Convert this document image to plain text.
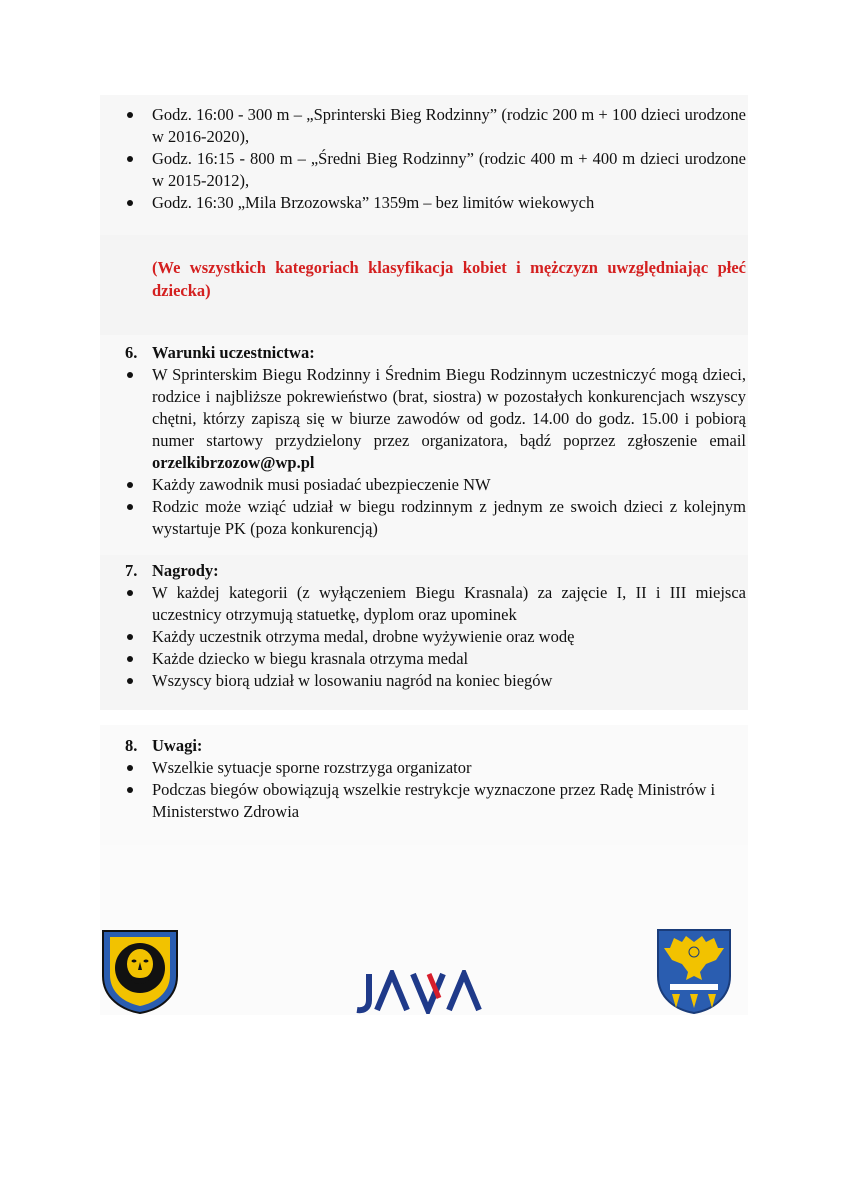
Godz. 16:00 - 300 m – „Sprinterski Bieg Rodzinny” (rodzic 200 m + 100 dzieci urodzone w 2016-2020),
Godz. 16:15 - 800 m – „Średni Bieg Rodzinny” (rodzic 400 m + 400 m dzieci urodzone w 2015-2012),
Godz. 16:30 „Mila Brzozowska” 1359m – bez limitów wiekowych
(We wszystkich kategoriach klasyfikacja kobiet i mężczyzn uwzględniając płeć dziecka)
6. Warunki uczestnictwa:
W Sprinterskim Biegu Rodzinny i Średnim Biegu Rodzinnym uczestniczyć mogą dzieci, rodzice i najbliższe pokrewieństwo (brat, siostra) w pozostałych konkurencjach wszyscy chętni, którzy zapiszą się w biurze zawodów od godz. 14.00 do godz. 15.00 i pobiorą numer startowy przydzielony przez organizatora, bądź poprzez zgłoszenie email orzelkibrzozow@wp.pl
Każdy zawodnik musi posiadać ubezpieczenie NW
Rodzic może wziąć udział w biegu rodzinnym z jednym ze swoich dzieci z kolejnym wystartuje PK (poza konkurencją)
7. Nagrody:
W każdej kategorii (z wyłączeniem Biegu Krasnala) za zajęcie I, II i III miejsca uczestnicy otrzymują statuetkę, dyplom oraz upominek
Każdy uczestnik otrzyma medal, drobne wyżywienie oraz wodę
Każde dziecko w biegu krasnala otrzyma medal
Wszyscy biorą udział w losowaniu nagród na koniec biegów
8. Uwagi:
Wszelkie sytuacje sporne rozstrzyga organizator
Podczas biegów obowiązują wszelkie restrykcje wyznaczone przez Radę Ministrów i Ministerstwo Zdrowia
JAVA
